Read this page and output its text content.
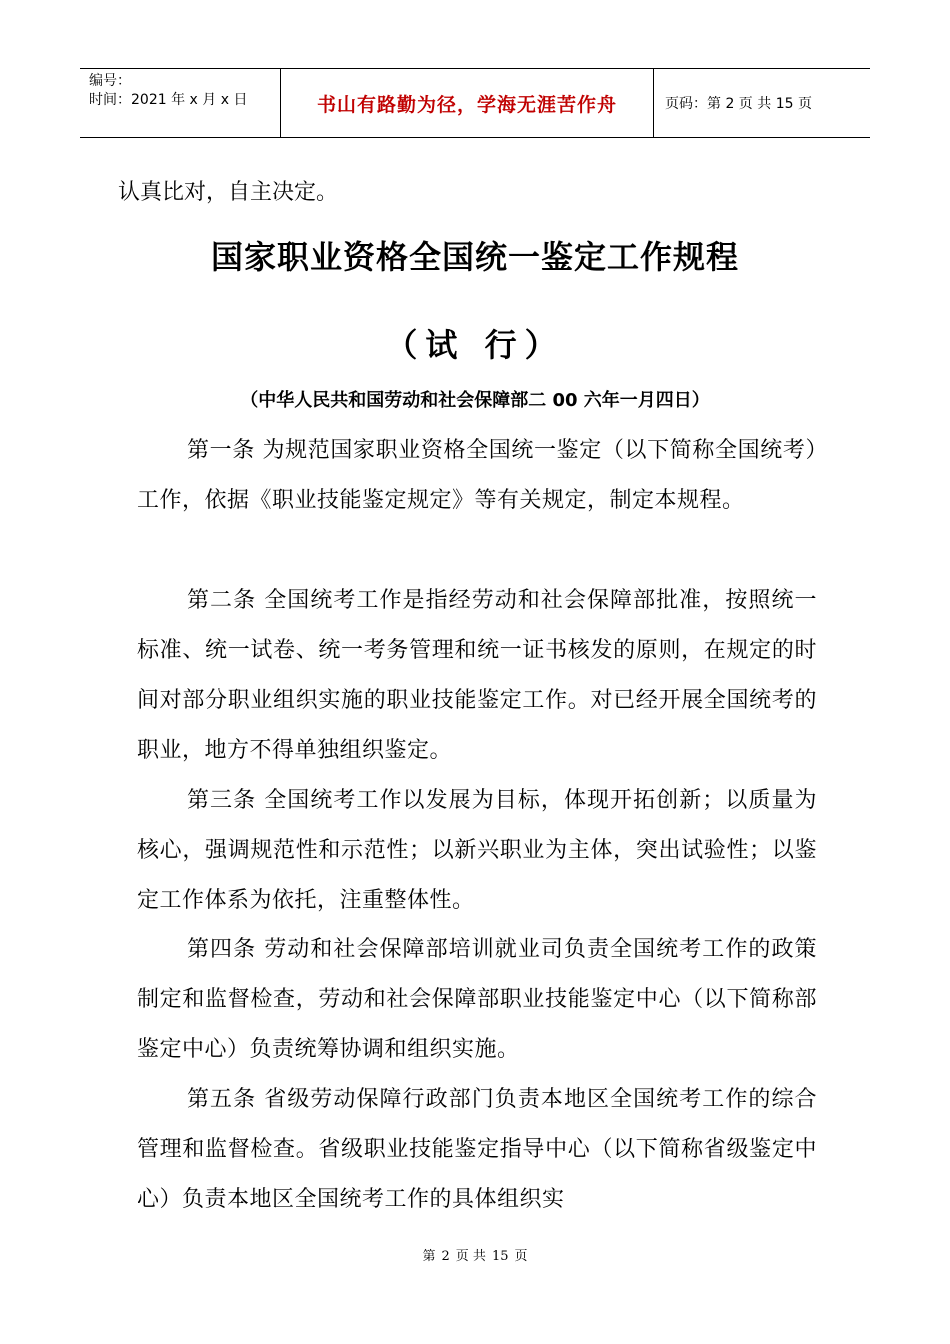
编号：
时间：2021 年 x 月 x 日	书山有路勤为径，学海无涯苦作舟	页码：第 2 页 共 15 页
认真比对，自主决定。
国家职业资格全国统一鉴定工作规程
（试 行）
（中华人民共和国劳动和社会保障部二 00 六年一月四日）
第一条 为规范国家职业资格全国统一鉴定（以下简称全国统考）工作，依据《职业技能鉴定规定》等有关规定，制定本规程。
第二条 全国统考工作是指经劳动和社会保障部批准，按照统一标准、统一试卷、统一考务管理和统一证书核发的原则，在规定的时间对部分职业组织实施的职业技能鉴定工作。对已经开展全国统考的职业，地方不得单独组织鉴定。
第三条 全国统考工作以发展为目标，体现开拓创新；以质量为核心，强调规范性和示范性；以新兴职业为主体，突出试验性；以鉴定工作体系为依托，注重整体性。
第四条 劳动和社会保障部培训就业司负责全国统考工作的政策制定和监督检查，劳动和社会保障部职业技能鉴定中心（以下简称部鉴定中心）负责统筹协调和组织实施。
第五条 省级劳动保障行政部门负责本地区全国统考工作的综合管理和监督检查。省级职业技能鉴定指导中心（以下简称省级鉴定中心）负责本地区全国统考工作的具体组织实
第 2 页 共 15 页
